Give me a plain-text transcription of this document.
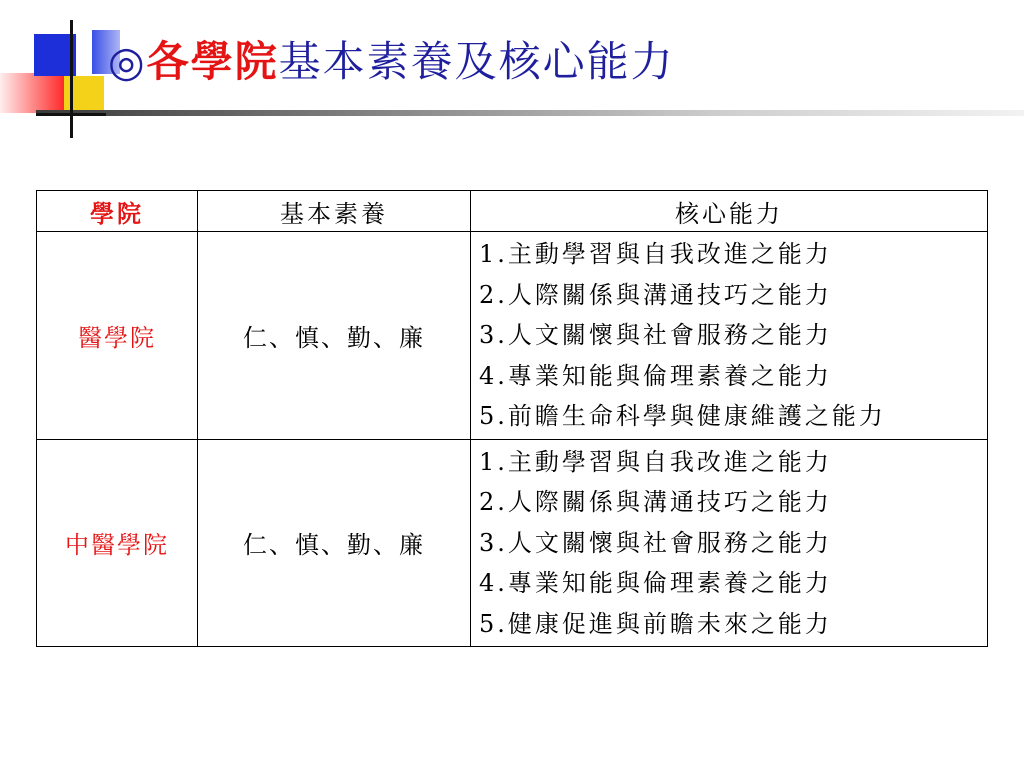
◎各學院基本素養及核心能力
學院	基本素養	核心能力
醫學院	仁、慎、勤、廉	1.主動學習與自我改進之能力
2.人際關係與溝通技巧之能力
3.人文關懷與社會服務之能力
4.專業知能與倫理素養之能力
5.前瞻生命科學與健康維護之能力

中醫學院	仁、慎、勤、廉	1.主動學習與自我改進之能力
2.人際關係與溝通技巧之能力
3.人文關懷與社會服務之能力
4.專業知能與倫理素養之能力
5.健康促進與前瞻未來之能力
